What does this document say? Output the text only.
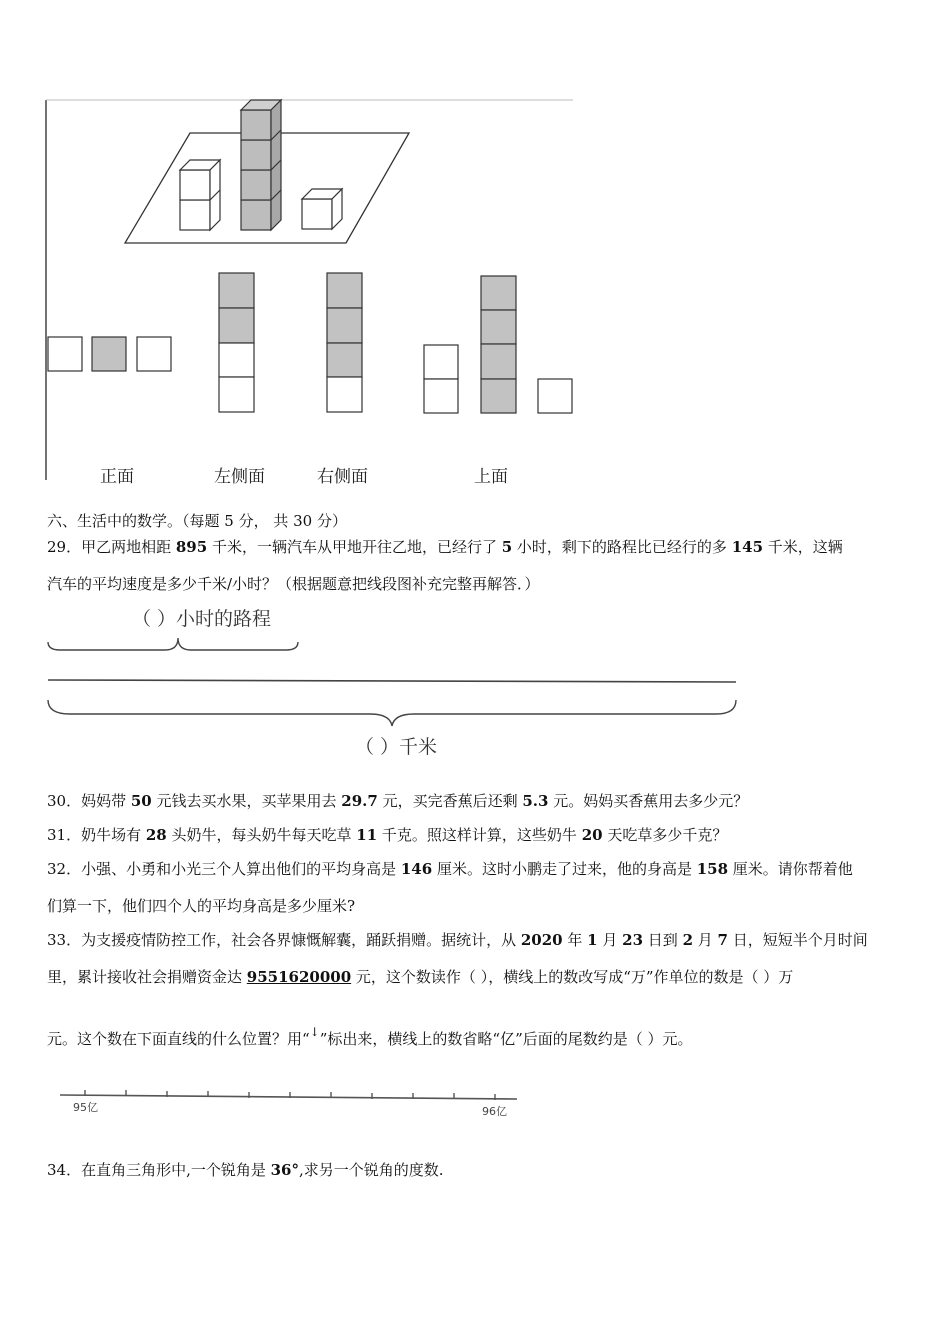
正面	左侧面	右侧面	上面
六、生活中的数学。（每题 5 分， 共 30 分）
29．甲乙两地相距 895 千米，一辆汽车从甲地开往乙地，已经行了 5 小时，剩下的路程比已经行的多 145 千米，这辆
汽车的平均速度是多少千米/小时？（根据题意把线段图补充完整再解答．）
（ ）小时的路程
（ ）千米
30．妈妈带 50 元钱去买水果，买苹果用去 29.7 元，买完香蕉后还剩 5.3 元。妈妈买香蕉用去多少元？
31．奶牛场有 28 头奶牛，每头奶牛每天吃草 11 千克。照这样计算，这些奶牛 20 天吃草多少千克？
32．小强、小勇和小光三个人算出他们的平均身高是 146 厘米。这时小鹏走了过来，他的身高是 158 厘米。请你帮着他
们算一下，他们四个人的平均身高是多少厘米?
33．为支援疫情防控工作，社会各界慷慨解囊，踊跃捐赠。据统计，从 2020 年 1 月 23 日到 2 月 7 日，短短半个月时间
里，累计接收社会捐赠资金达 9551620000 元，这个数读作（ ），横线上的数改写成“万”作单位的数是（ ）万
元。这个数在下面直线的什么位置？用“↓”标出来，横线上的数省略“亿”后面的尾数约是（ ）元。
95亿	96亿
34．在直角三角形中,一个锐角是 36°,求另一个锐角的度数.
